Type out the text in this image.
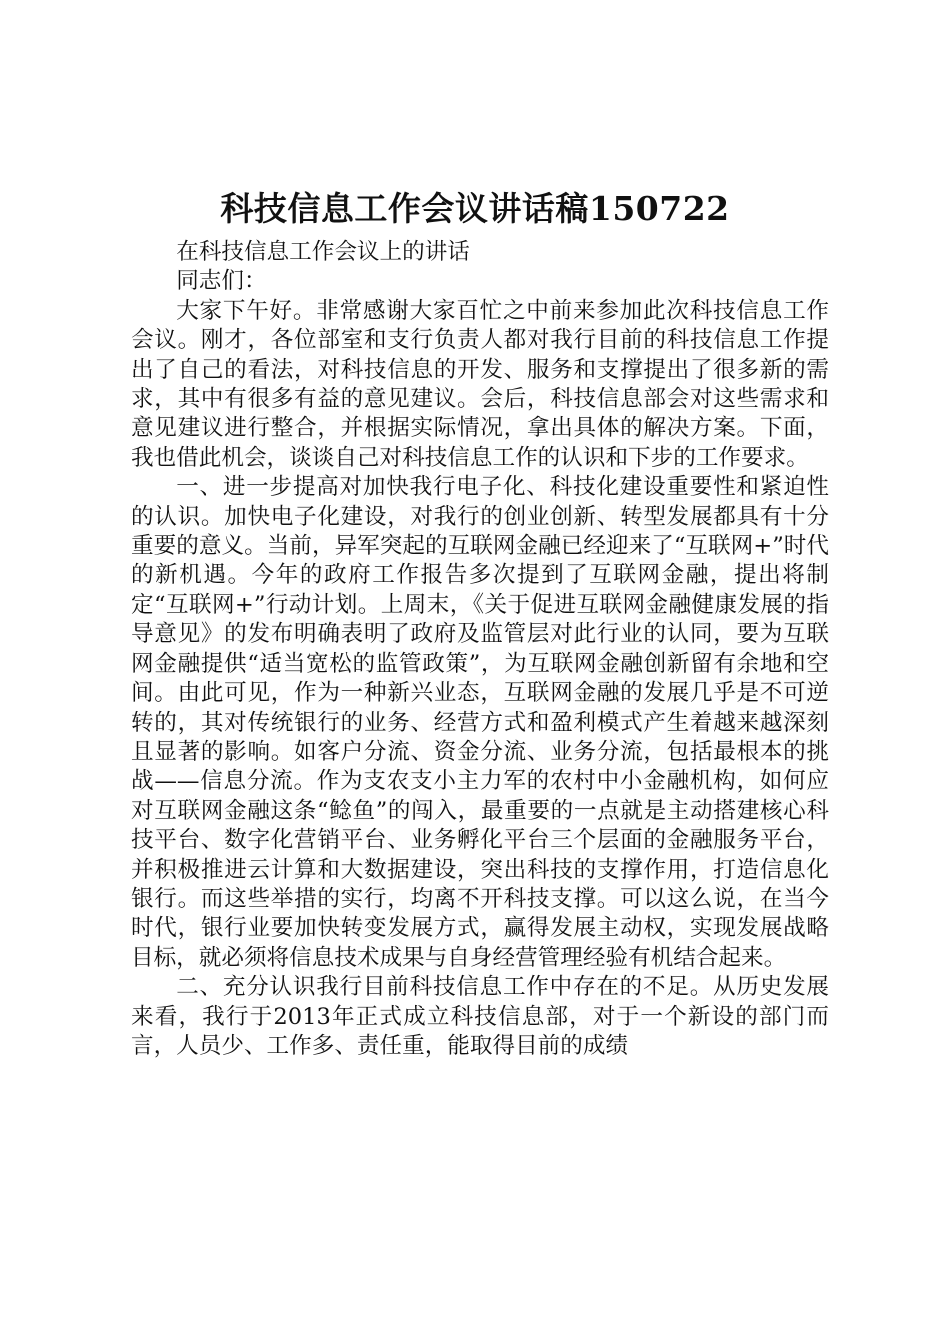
科技信息工作会议讲话稿150722

在科技信息工作会议上的讲话

同志们：

大家下午好。非常感谢大家百忙之中前来参加此次科技信息工作会议。刚才，各位部室和支行负责人都对我行目前的科技信息工作提出了自己的看法，对科技信息的开发、服务和支撑提出了很多新的需求，其中有很多有益的意见建议。会后，科技信息部会对这些需求和意见建议进行整合，并根据实际情况，拿出具体的解决方案。下面，我也借此机会，谈谈自己对科技信息工作的认识和下步的工作要求。

一、进一步提高对加快我行电子化、科技化建设重要性和紧迫性的认识。加快电子化建设，对我行的创业创新、转型发展都具有十分重要的意义。当前，异军突起的互联网金融已经迎来了“互联网+”时代的新机遇。今年的政府工作报告多次提到了互联网金融，提出将制定“互联网+”行动计划。上周末，《关于促进互联网金融健康发展的指导意见》的发布明确表明了政府及监管层对此行业的认同，要为互联网金融提供“适当宽松的监管政策”，为互联网金融创新留有余地和空间。由此可见，作为一种新兴业态，互联网金融的发展几乎是不可逆转的，其对传统银行的业务、经营方式和盈利模式产生着越来越深刻且显著的影响。如客户分流、资金分流、业务分流，包括最根本的挑战——信息分流。作为支农支小主力军的农村中小金融机构，如何应对互联网金融这条“鲶鱼”的闯入，最重要的一点就是主动搭建核心科技平台、数字化营销平台、业务孵化平台三个层面的金融服务平台，并积极推进云计算和大数据建设，突出科技的支撑作用，打造信息化银行。而这些举措的实行，均离不开科技支撑。可以这么说，在当今时代，银行业要加快转变发展方式，赢得发展主动权，实现发展战略目标，就必须将信息技术成果与自身经营管理经验有机结合起来。

二、充分认识我行目前科技信息工作中存在的不足。从历史发展来看，我行于2013年正式成立科技信息部，对于一个新设的部门而言，人员少、工作多、责任重，能取得目前的成绩
